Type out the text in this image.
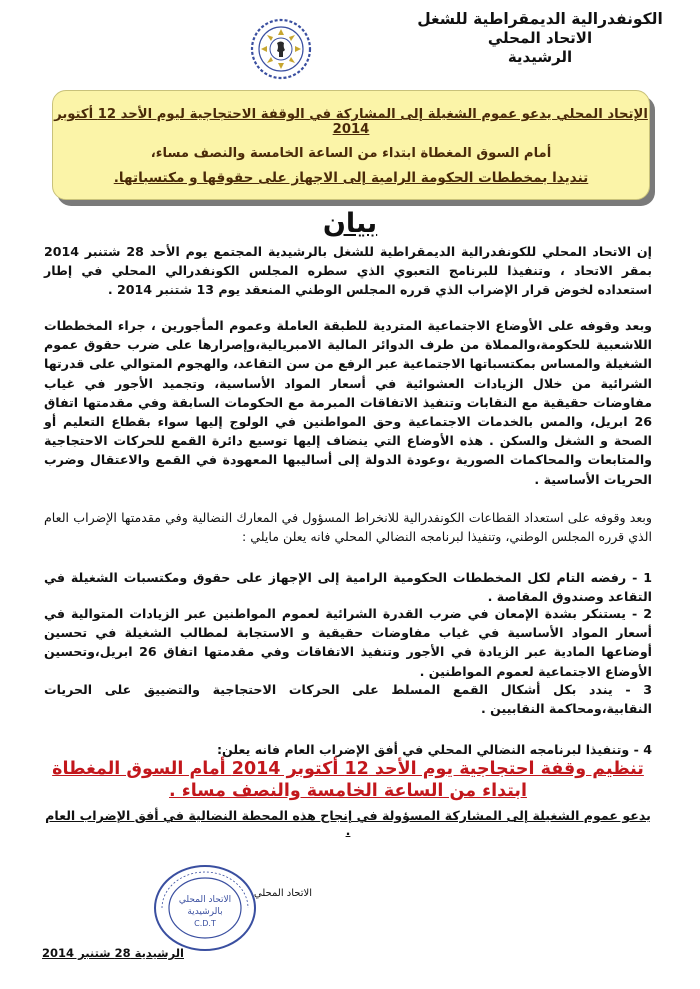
الكونفدرالية الديمقراطية للشغل
الاتحاد المحلي
الرشيدية
الإتحاد المحلي يدعو عموم الشغيلة إلى المشاركة في الوقفة الاحتجاجية ليوم الأحد 12 أكتوبر 2014
أمام السوق المغطاة ابتداء من الساعة الخامسة والنصف مساء،
تنديدا بمخططات الحكومة الرامية إلى الاجهاز على حقوقها و مكتسباتها.
بيان
إن الاتحاد المحلي للكونفدرالية الديمقراطية للشغل بالرشيدية المجتمع يوم الأحد 28 شتنبر 2014 بمقر الاتحاد ، وتنفيذا للبرنامج التعبوي الذي سطره المجلس الكونفدرالي المحلي في إطار استعداده لخوض قرار الإضراب الذي قرره المجلس الوطني المنعقد يوم 13 شتنبر 2014 .
وبعد وقوفه على الأوضاع الاجتماعية المتردية للطبقة العاملة وعموم المأجورين ، جراء المخططات اللاشعبية للحكومة،والمملاة من طرف الدوائر المالية الامبريالية،وإصرارها على ضرب حقوق عموم الشغيلة والمساس بمكتسباتها الاجتماعية عبر الرفع من سن التقاعد، والهجوم المتوالي على قدرتها الشرائية من خلال الزيادات العشوائية في أسعار المواد الأساسية، وتجميد الأجور في غياب مفاوضات حقيقية مع النقابات وتنفيذ الاتفاقات المبرمة مع الحكومات السابقة وفي مقدمتها اتفاق 26 ابريل، والمس بالخدمات الاجتماعية وحق المواطنين في الولوج إليها سواء بقطاع التعليم أو الصحة و الشغل والسكن . هذه الأوضاع التي ينضاف إليها توسيع دائرة القمع للحركات الاحتجاجية والمتابعات والمحاكمات الصورية ،وعودة الدولة إلى أساليبها المعهودة في القمع والاعتقال وضرب الحريات الأساسية .
وبعد وقوفه على استعداد القطاعات الكونفدرالية للانخراط المسؤول في المعارك النضالية وفي مقدمتها الإضراب العام الذي قرره المجلس الوطني، وتنفيذا لبرنامجه النضالي المحلي فانه يعلن مايلي :
1 - رفضه التام لكل المخططات الحكومية الرامية إلى الإجهاز على حقوق ومكتسبات الشغيلة في التقاعد وصندوق المقاصة .
2 - يستنكر بشدة الإمعان في ضرب القدرة الشرائية لعموم المواطنين عبر الزيادات المتوالية في أسعار المواد الأساسية في غياب مفاوضات حقيقية و الاستجابة لمطالب الشغيلة في تحسين أوضاعها المادية عبر الزيادة في الأجور وتنفيذ الاتفاقات وفي مقدمتها اتفاق 26 ابريل،وتحسين الأوضاع الاجتماعية لعموم المواطنين .
3 - يندد بكل أشكال القمع المسلط على الحركات الاحتجاجية والتضييق على الحريات النقابية،ومحاكمة النقابيين .
4 - وتنفيذا لبرنامجه النضالي المحلي في أفق الإضراب العام فانه يعلن:
تنظيم وقفة احتجاجية يوم الأحد 12 أكتوبر 2014 أمام السوق المغطاة ابتداء من الساعة الخامسة والنصف مساء .
يدعو عموم الشغيلة إلى المشاركة المسؤولة في إنجاح هذه المحطة النضالية في أفق الإضراب العام .
الاتحاد المحلي
الاتحاد المحلي
بالرشيدية
C.D.T
الرشيدية 28 شتنبر 2014
